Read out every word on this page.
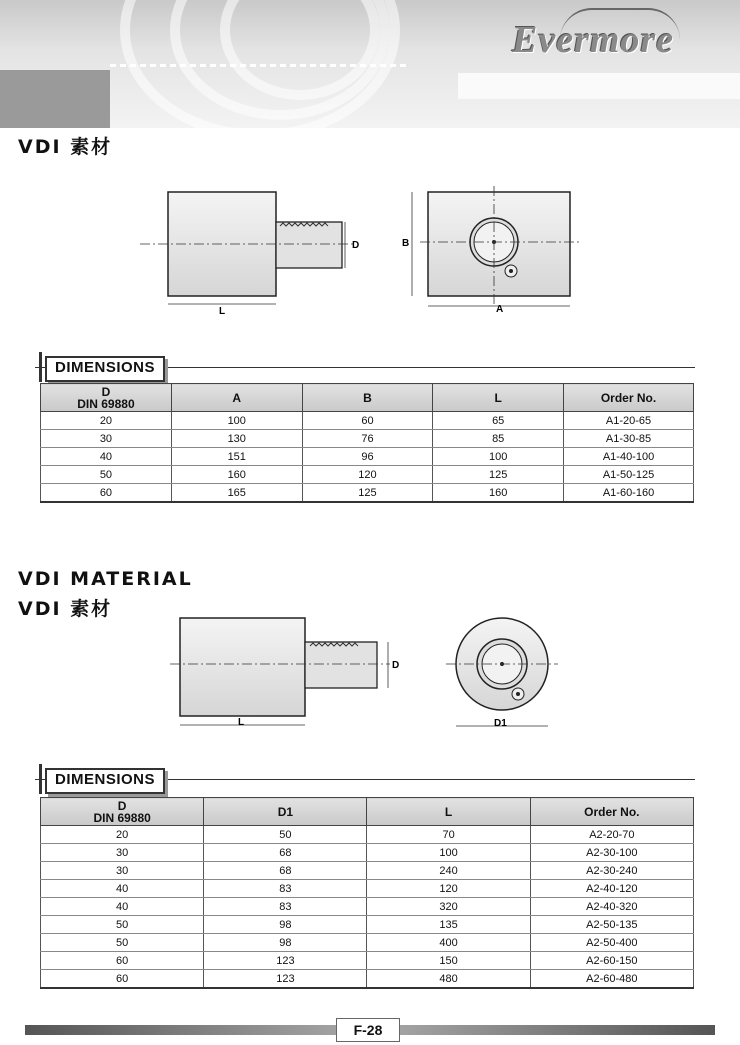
Evermore
VDI 素材
D
L
B
A
DIMENSIONS
D
DIN 69880	A	B	L	Order No.
20	100	60	65	A1-20-65
30	130	76	85	A1-30-85
40	151	96	100	A1-40-100
50	160	120	125	A1-50-125
60	165	125	160	A1-60-160
VDI MATERIAL
VDI 素材
D
L	D1
DIMENSIONS
D
DIN 69880	D1	L	Order No.
20	50	70	A2-20-70
30	68	100	A2-30-100
30	68	240	A2-30-240
40	83	120	A2-40-120
40	83	320	A2-40-320
50	98	135	A2-50-135
50	98	400	A2-50-400
60	123	150	A2-60-150
60	123	480	A2-60-480
F-28
